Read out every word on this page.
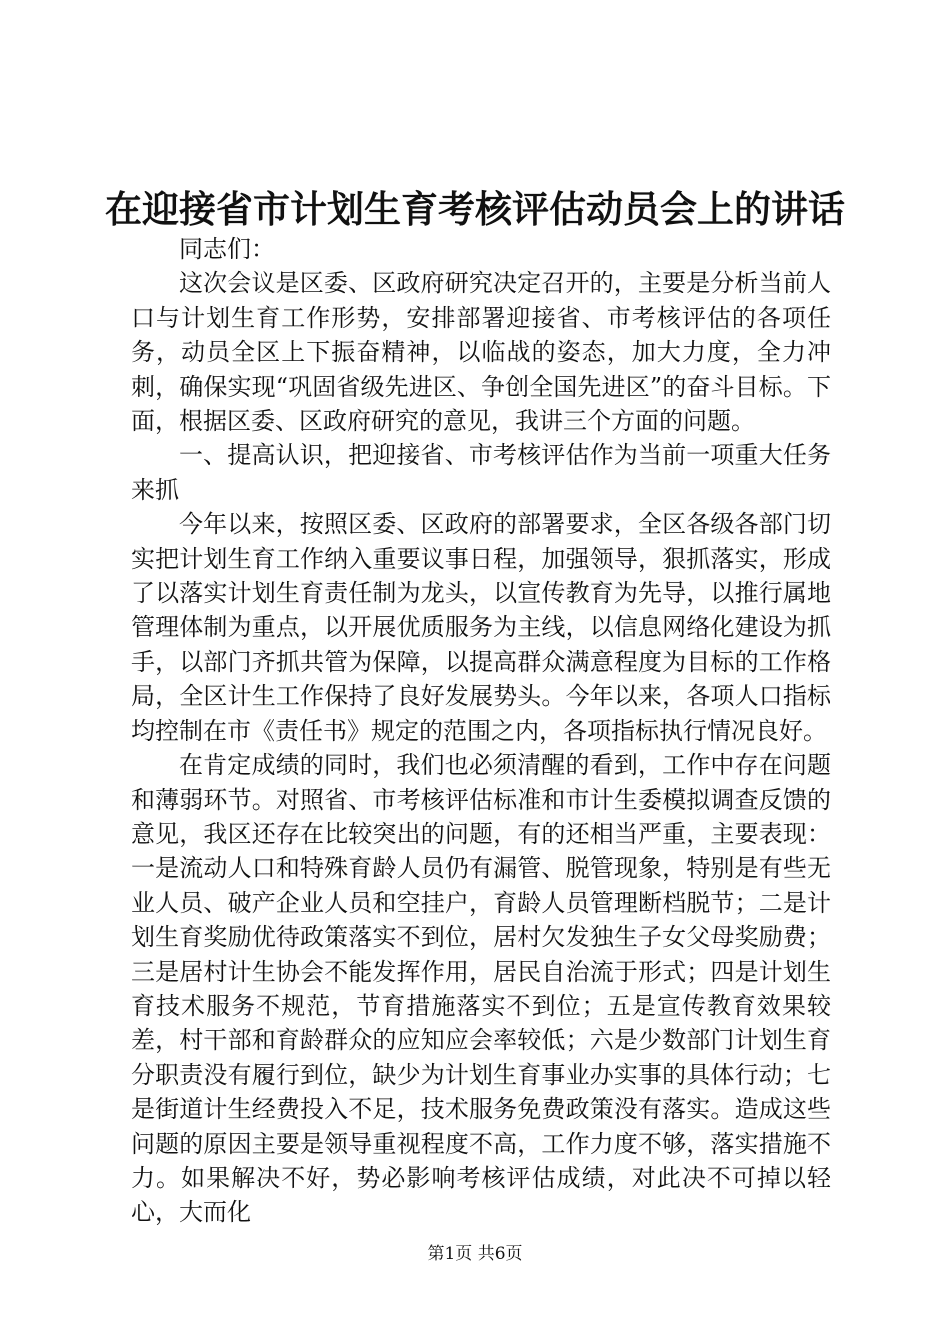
在迎接省市计划生育考核评估动员会上的讲话

同志们：

这次会议是区委、区政府研究决定召开的，主要是分析当前人口与计划生育工作形势，安排部署迎接省、市考核评估的各项任务，动员全区上下振奋精神，以临战的姿态，加大力度，全力冲刺，确保实现“巩固省级先进区、争创全国先进区”的奋斗目标。下面，根据区委、区政府研究的意见，我讲三个方面的问题。

一、提高认识，把迎接省、市考核评估作为当前一项重大任务来抓

今年以来，按照区委、区政府的部署要求，全区各级各部门切实把计划生育工作纳入重要议事日程，加强领导，狠抓落实，形成了以落实计划生育责任制为龙头，以宣传教育为先导，以推行属地管理体制为重点，以开展优质服务为主线，以信息网络化建设为抓手，以部门齐抓共管为保障，以提高群众满意程度为目标的工作格局，全区计生工作保持了良好发展势头。今年以来，各项人口指标均控制在市《责任书》规定的范围之内，各项指标执行情况良好。

在肯定成绩的同时，我们也必须清醒的看到，工作中存在问题和薄弱环节。对照省、市考核评估标准和市计生委模拟调查反馈的意见，我区还存在比较突出的问题，有的还相当严重，主要表现：一是流动人口和特殊育龄人员仍有漏管、脱管现象，特别是有些无业人员、破产企业人员和空挂户，育龄人员管理断档脱节；二是计划生育奖励优待政策落实不到位，居村欠发独生子女父母奖励费；三是居村计生协会不能发挥作用，居民自治流于形式；四是计划生育技术服务不规范，节育措施落实不到位；五是宣传教育效果较差，村干部和育龄群众的应知应会率较低；六是少数部门计划生育分职责没有履行到位，缺少为计划生育事业办实事的具体行动；七是街道计生经费投入不足，技术服务免费政策没有落实。造成这些问题的原因主要是领导重视程度不高，工作力度不够，落实措施不力。如果解决不好，势必影响考核评估成绩，对此决不可掉以轻心，大而化

第1页 共6页
